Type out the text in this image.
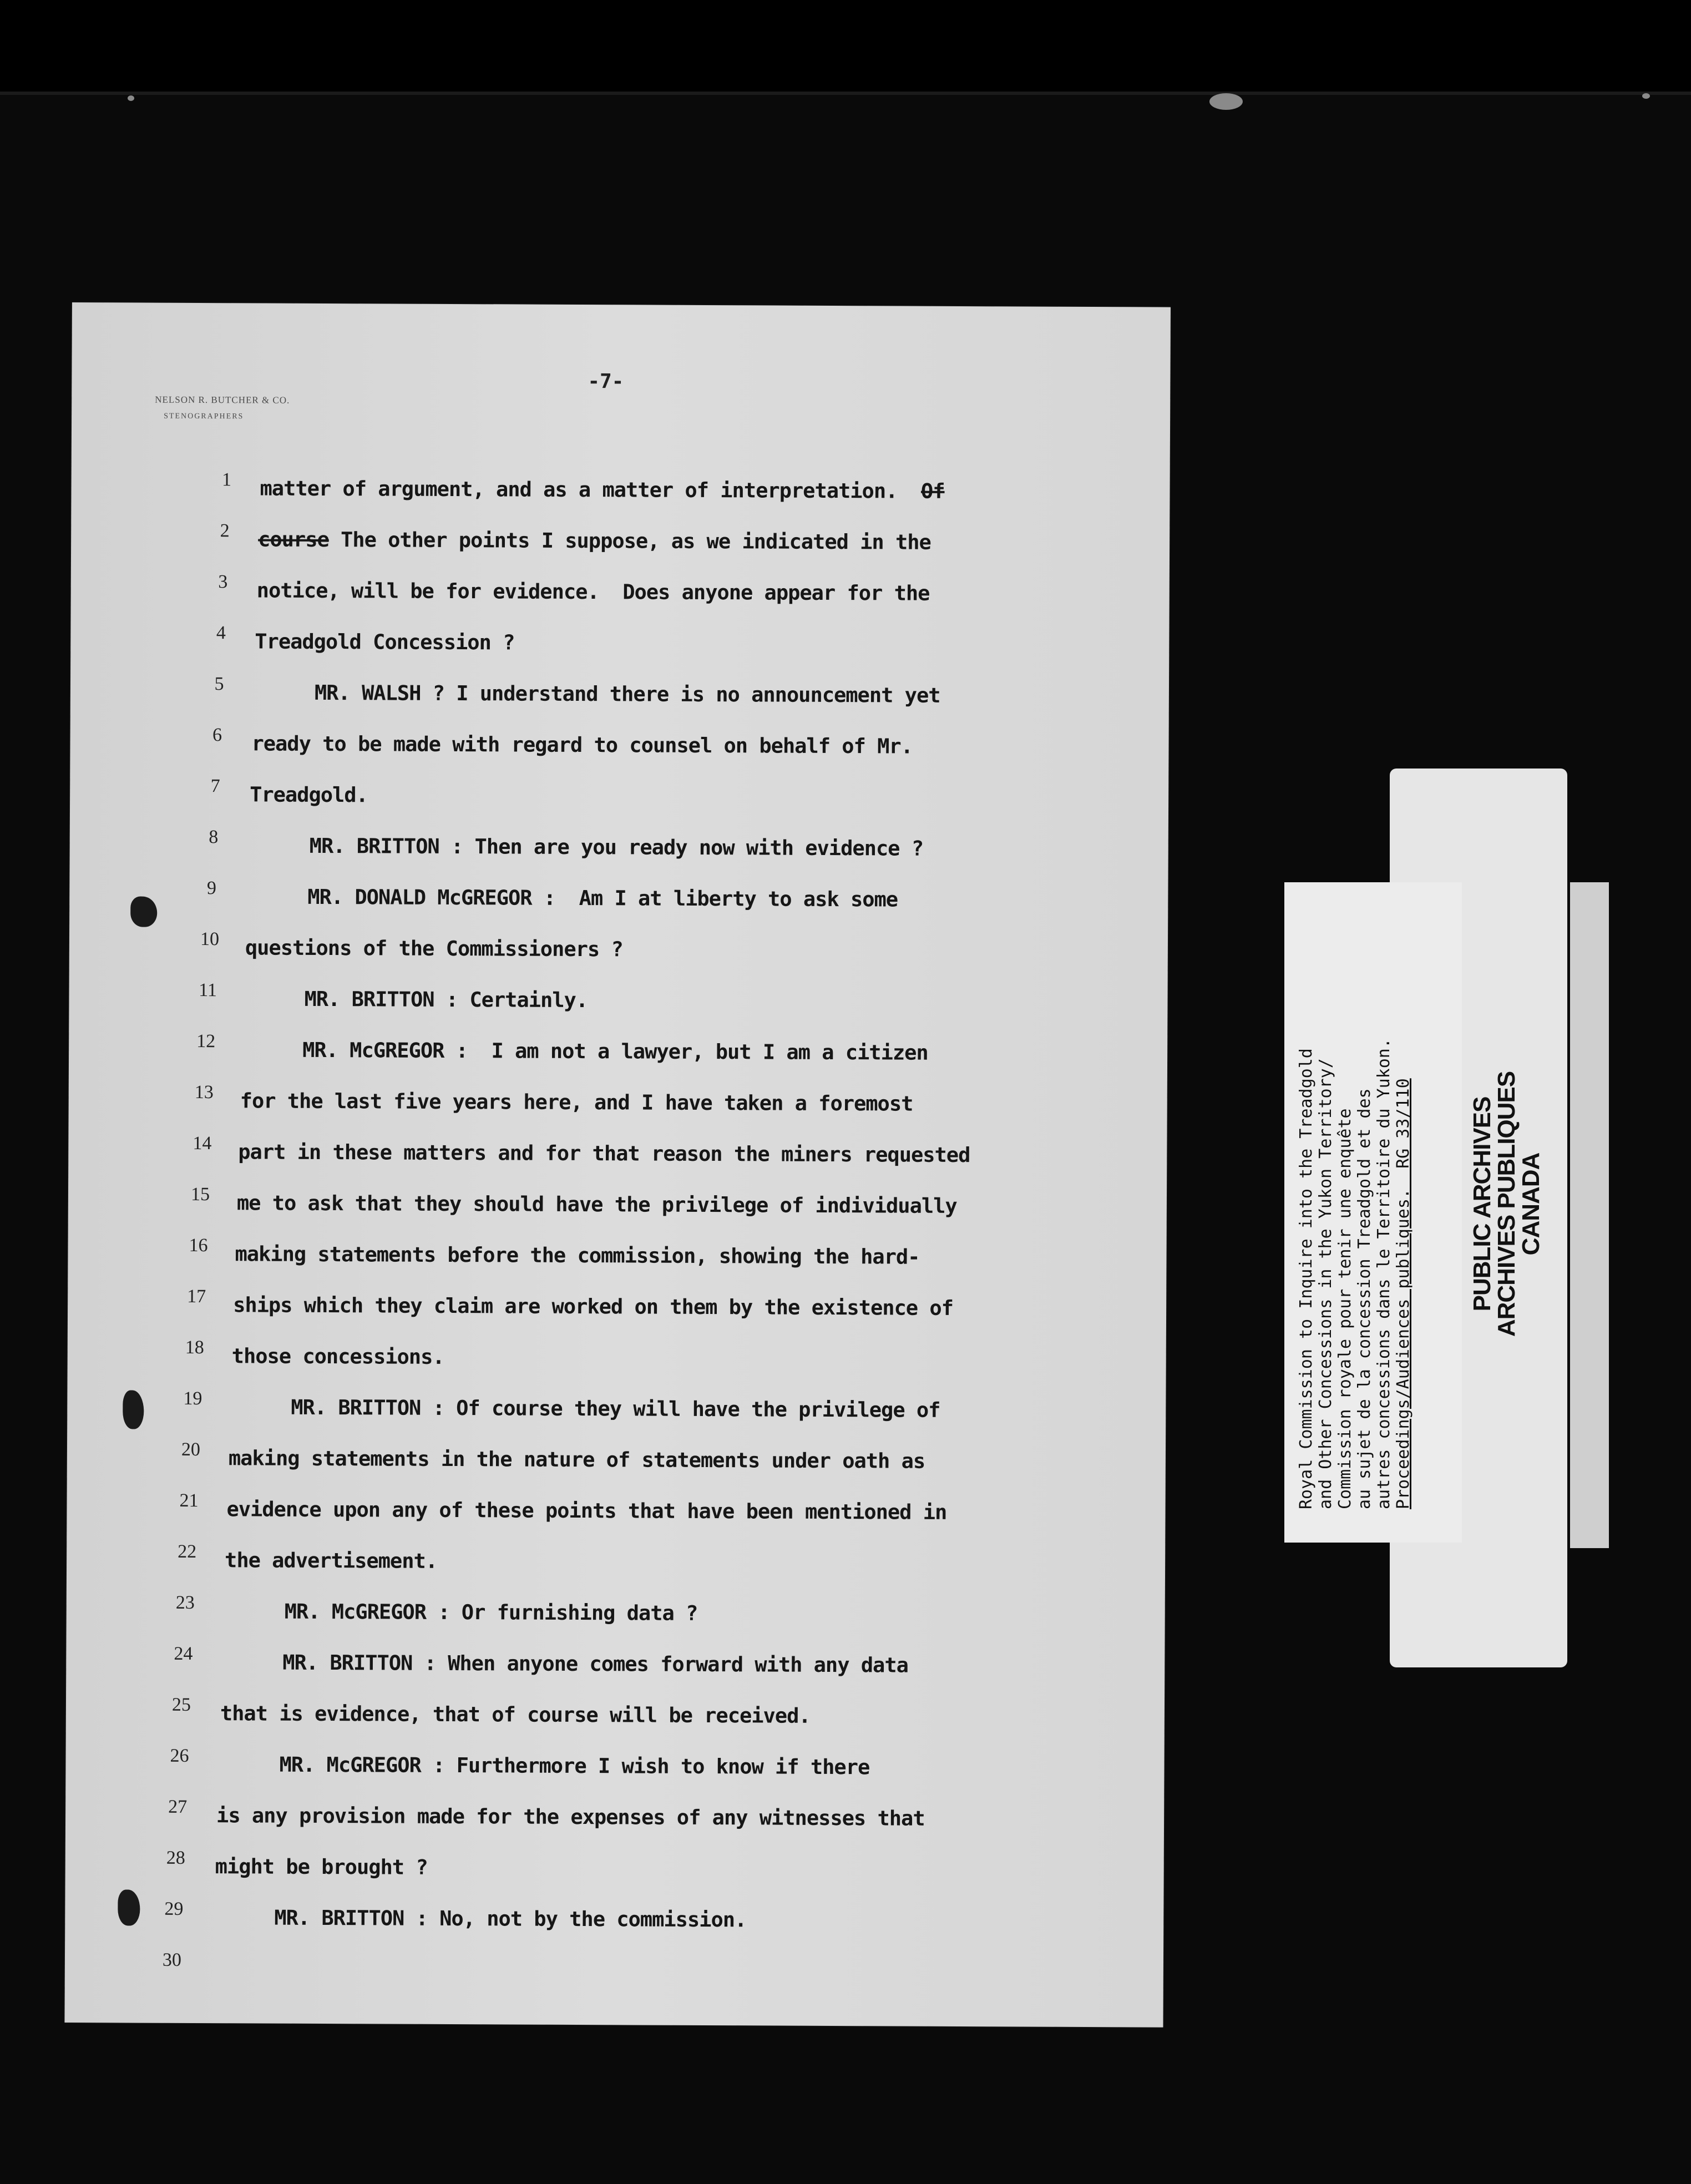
NELSON R. BUTCHER & CO.
STENOGRAPHERS
-7-
1	matter of argument, and as a matter of interpretation.  Of
2	course The other points I suppose, as we indicated in the
3	notice, will be for evidence.  Does anyone appear for the
4	Treadgold Concession ?
5	MR. WALSH ? I understand there is no announcement yet
6	ready to be made with regard to counsel on behalf of Mr.
7	Treadgold.
8	MR. BRITTON : Then are you ready now with evidence ?
9	MR. DONALD McGREGOR :  Am I at liberty to ask some
10	questions of the Commissioners ?
11	MR. BRITTON : Certainly.
12	MR. McGREGOR :  I am not a lawyer, but I am a citizen
13	for the last five years here, and I have taken a foremost
14	part in these matters and for that reason the miners requested
15	me to ask that they should have the privilege of individually
16	making statements before the commission, showing the hard-
17	ships which they claim are worked on them by the existence of
18	those concessions.
19	MR. BRITTON : Of course they will have the privilege of
20	making statements in the nature of statements under oath as
21	evidence upon any of these points that have been mentioned in
22	the advertisement.
23	MR. McGREGOR : Or furnishing data ?
24	MR. BRITTON : When anyone comes forward with any data
25	that is evidence, that of course will be received.
26	MR. McGREGOR : Furthermore I wish to know if there
27	is any provision made for the expenses of any witnesses that
28	might be brought ?
29	MR. BRITTON : No, not by the commission.
30
Royal Commission to Inquire into the Treadgold and Other Concessions in the Yukon Territory/ Commission royale pour tenir une enquête au sujet de la concession Treadgold et des autres concessions dans le Territoire du Yukon. Proceedings/Audiences publiques.  RG 33/110 PUBLIC ARCHIVES
ARCHIVES PUBLIQUES
CANADA
